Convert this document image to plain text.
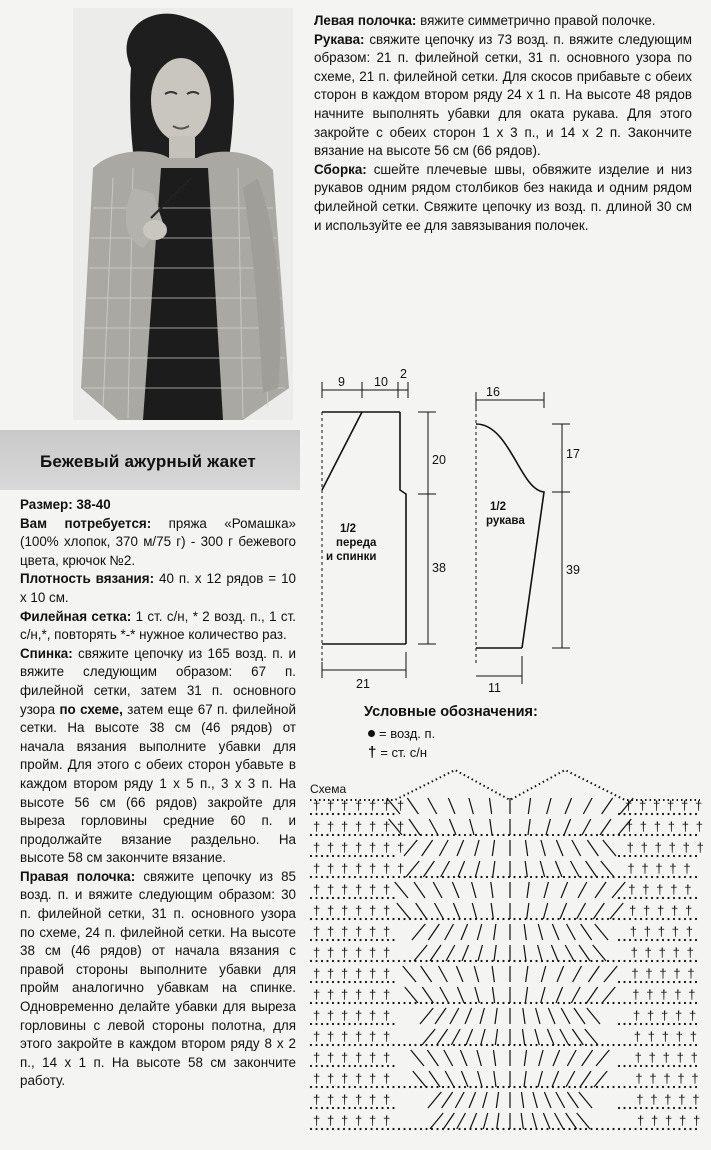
Бежевый ажурный жакет

Размер: 38-40

Вам потребуется: пряжа «Ромашка» (100% хлопок, 370 м/75 г) - 300 г бежевого цвета, крючок №2.

Плотность вязания: 40 п. х 12 рядов = 10 х 10 см.

Филейная сетка: 1 ст. с/н, * 2 возд. п., 1 ст. с/н,*, повторять *-* нужное количество раз.

Спинка: свяжите цепочку из 165 возд. п. и вяжите следующим образом: 67 п. филейной сетки, затем 31 п. основного узора по схеме, затем еще 67 п. филейной сетки. На высоте 38 см (46 рядов) от начала вязания выполните убавки для пройм. Для этого с обеих сторон убавьте в каждом втором ряду 1 х 5 п., 3 х 3 п. На высоте 56 см (66 рядов) закройте для выреза горловины средние 60 п. и продолжайте вязание раздельно. На высоте 58 см закончите вязание.

Правая полочка: свяжите цепочку из 85 возд. п. и вяжите следующим образом: 30 п. филейной сетки, 31 п. основного узора по схеме, 24 п. филейной сетки. На высоте 38 см (46 рядов) от начала вязания с правой стороны выполните убавки для пройм аналогично убавкам на спинке. Одновременно делайте убавки для выреза горловины с левой стороны полотна, для этого закройте в каждом втором ряду 8 х 2 п., 14 х 1 п. На высоте 58 см закончите работу.

Левая полочка: вяжите симметрично правой полочке.

Рукава: свяжите цепочку из 73 возд. п. вяжите следующим образом: 21 п. филейной сетки, 31 п. основного узора по схеме, 21 п. филейной сетки. Для скосов прибавьте с обеих сторон в каждом втором ряду 24 х 1 п. На высоте 48 рядов начните выполнять убавки для оката рукава. Для этого закройте с обеих сторон 1 х 3 п., и 14 х 2 п. Закончите вязание на высоте 56 см (66 рядов).

Сборка: сшейте плечевые швы, обвяжите изделие и низ рукавов одним рядом столбиков без накида и одним рядом филейной сетки. Свяжите цепочку из возд. п. длиной 30 см и используйте ее для завязывания полочек.

9 10
2
20
38
21
16
17
39
11
1/2
переда
и спинки
1/2
рукава
Условные обозначения:
= возд. п.
† = ст. с/н
Схема
† † † † † † †	† † † † † †
† † † † † † †	† † † † † †
† † † † † † †	† † † † † †
† † † † † † †	† † † † †
† † † † † †	† † † † †
† † † † † †	† † † † †
† † † † † †	† † † † †
† † † † † †	† † † † †
† † † † † †	† † † † †
† † † † † †	† † † † †
† † † † † †	† † † † †
† † † † † †	† † † † †
† † † † † †	† † † † †
† † † † † †	† † † † †
† † † † † †	† † † † †
† † † † † †	† † † † †
